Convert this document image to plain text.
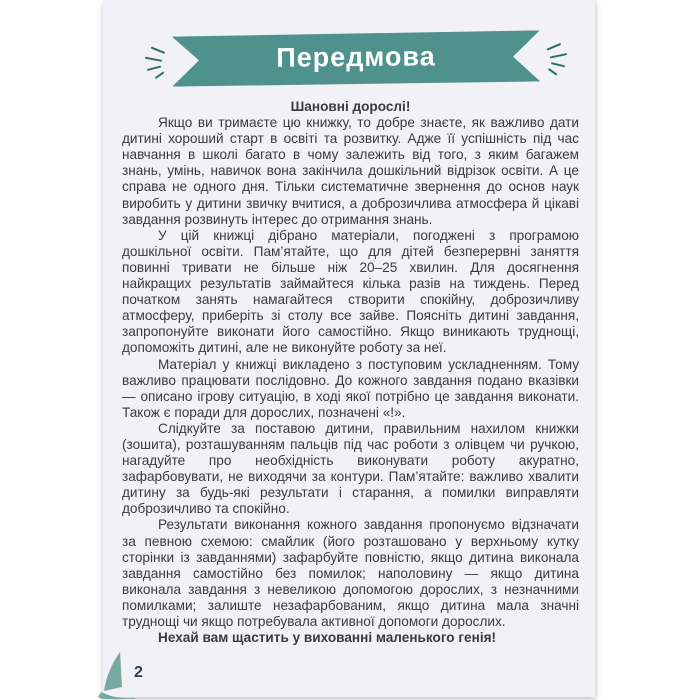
Передмова

Шановні дорослі!

Якщо ви тримаєте цю книжку, то добре знаєте, як важливо дати дитині хороший старт в освіті та розвитку. Адже її успішність під час навчання в школі багато в чому залежить від того, з яким багажем знань, умінь, навичок вона закінчила дошкільний відрізок освіти. А це справа не одного дня. Тільки систематичне звернення до основ наук виробить у дитини звичку вчитися, а доброзичлива атмосфера й цікаві завдання розвинуть інтерес до отримання знань.

У цій книжці дібрано матеріали, погоджені з програмою дошкільної освіти. Пам’ятайте, що для дітей безперервні заняття повинні тривати не більше ніж 20–25 хвилин. Для досягнення найкращих результатів займайтеся кілька разів на тиждень. Перед початком занять намагайтеся створити спокійну, доброзичливу атмосферу, приберіть зі столу все зайве. Поясніть дитині завдання, запропонуйте виконати його самостійно. Якщо виникають труднощі, допоможіть дитині, але не виконуйте роботу за неї.

Матеріал у книжці викладено з поступовим ускладненням. Тому важливо працювати послідовно. До кожного завдання подано вказівки — описано ігрову ситуацію, в ході якої потрібно це завдання виконати. Також є поради для дорослих, позначені «!».

Слідкуйте за поставою дитини, правильним нахилом книжки (зошита), розташуванням пальців під час роботи з олівцем чи ручкою, нагадуйте про необхідність виконувати роботу акуратно, зафарбовувати, не виходячи за контури. Пам’ятайте: важливо хвалити дитину за будь-які результати і старання, а помилки виправляти доброзичливо та спокійно.

Результати виконання кожного завдання пропонуємо відзначати за певною схемою: смайлик (його розташовано у верхньому кутку сторінки із завданнями) зафарбуйте повністю, якщо дитина виконала завдання самостійно без помилок; наполовину — якщо дитина виконала завдання з невеликою допомогою дорослих, з незначними помилками; залиште незафарбованим, якщо дитина мала значні труднощі чи якщо потребувала активної допомоги дорослих.

Нехай вам щастить у вихованні маленького генія!

2
